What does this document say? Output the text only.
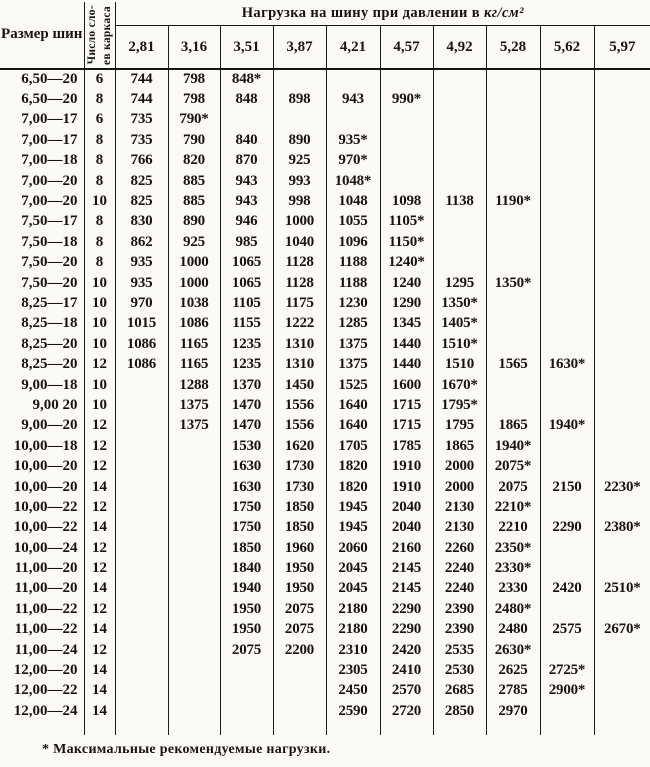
Размер шин	Число сло- ев каркаса	Нагрузка на шину при давлении в кг/см²									
		2,81	3,16	3,51	3,87	4,21	4,57	4,92	5,28	5,62	5,97
6,50—20	6	744	798	848*							
6,50—20	8	744	798	848	898	943	990*				
7,00—17	6	735	790*								
7,00—17	8	735	790	840	890	935*					
7,00—18	8	766	820	870	925	970*					
7,00—20	8	825	885	943	993	1048*					
7,00—20	10	825	885	943	998	1048	1098	1138	1190*		
7,50—17	8	830	890	946	1000	1055	1105*				
7,50—18	8	862	925	985	1040	1096	1150*				
7,50—20	8	935	1000	1065	1128	1188	1240*				
7,50—20	10	935	1000	1065	1128	1188	1240	1295	1350*		
8,25—17	10	970	1038	1105	1175	1230	1290	1350*			
8,25—18	10	1015	1086	1155	1222	1285	1345	1405*			
8,25—20	10	1086	1165	1235	1310	1375	1440	1510*			
8,25—20	12	1086	1165	1235	1310	1375	1440	1510	1565	1630*	
9,00—18	10		1288	1370	1450	1525	1600	1670*			
9,00 20	10		1375	1470	1556	1640	1715	1795*			
9,00—20	12		1375	1470	1556	1640	1715	1795	1865	1940*	
10,00—18	12			1530	1620	1705	1785	1865	1940*		
10,00—20	12			1630	1730	1820	1910	2000	2075*		
10,00—20	14			1630	1730	1820	1910	2000	2075	2150	2230*
10,00—22	12			1750	1850	1945	2040	2130	2210*		
10,00—22	14			1750	1850	1945	2040	2130	2210	2290	2380*
10,00—24	12			1850	1960	2060	2160	2260	2350*		
11,00—20	12			1840	1950	2045	2145	2240	2330*		
11,00—20	14			1940	1950	2045	2145	2240	2330	2420	2510*
11,00—22	12			1950	2075	2180	2290	2390	2480*		
11,00—22	14			1950	2075	2180	2290	2390	2480	2575	2670*
11,00—24	12			2075	2200	2310	2420	2535	2630*		
12,00—20	14					2305	2410	2530	2625	2725*	
12,00—22	14					2450	2570	2685	2785	2900*	
12,00—24	14					2590	2720	2850	2970		

* Максимальные рекомендуемые нагрузки.
